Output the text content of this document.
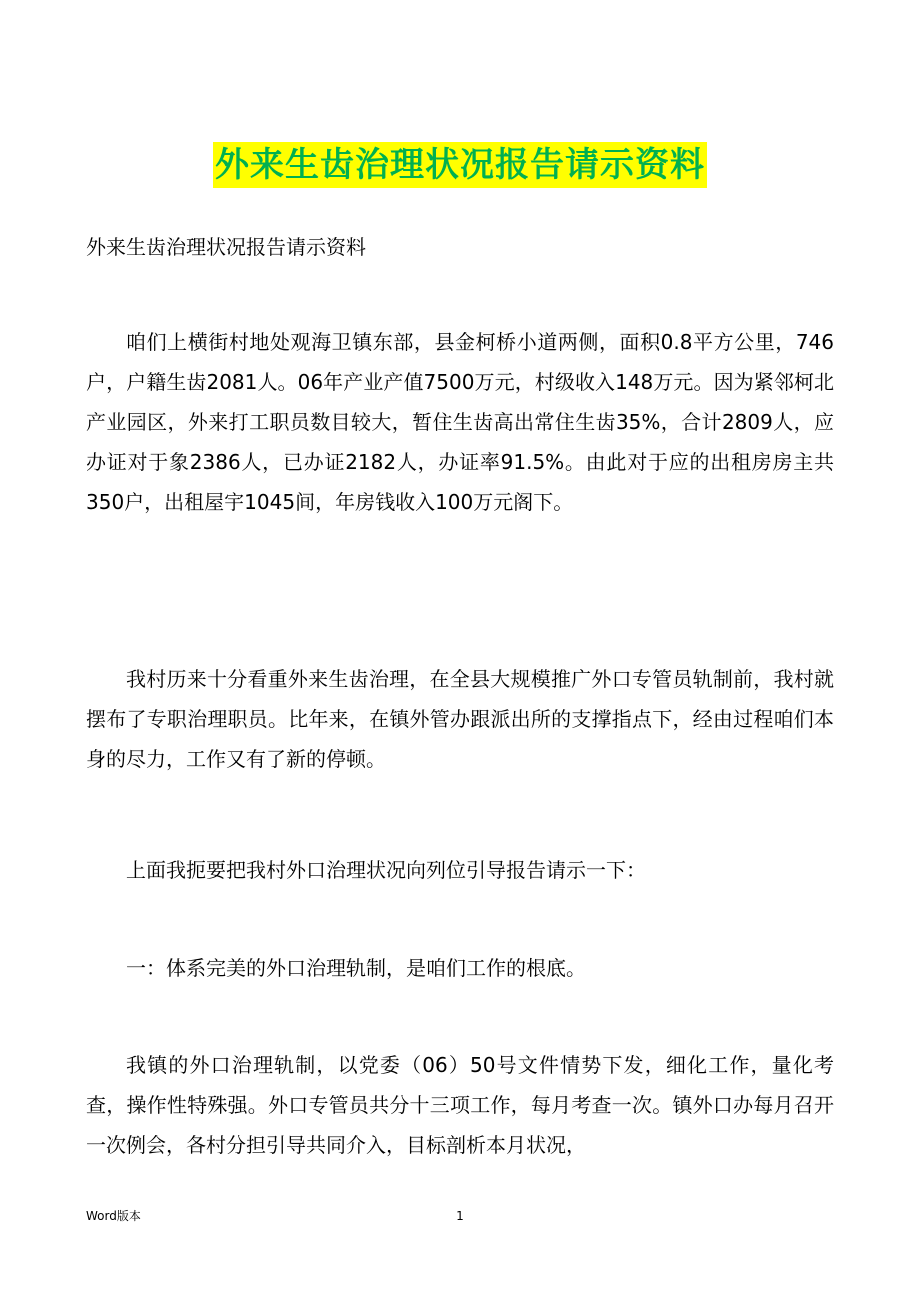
外来生齿治理状况报告请示资料
外来生齿治理状况报告请示资料

咱们上横街村地处观海卫镇东部，县金柯桥小道两侧，面积0.8平方公里，746户，户籍生齿2081人。06年产业产值7500万元，村级收入148万元。因为紧邻柯北产业园区，外来打工职员数目较大，暂住生齿高出常住生齿35%，合计2809人，应办证对于象2386人，已办证2182人，办证率91.5%。由此对于应的出租房房主共350户，出租屋宇1045间，年房钱收入100万元阁下。

我村历来十分看重外来生齿治理，在全县大规模推广外口专管员轨制前，我村就摆布了专职治理职员。比年来，在镇外管办跟派出所的支撑指点下，经由过程咱们本身的尽力，工作又有了新的停顿。

上面我扼要把我村外口治理状况向列位引导报告请示一下：

一：体系完美的外口治理轨制，是咱们工作的根底。

我镇的外口治理轨制，以党委（06）50号文件情势下发，细化工作，量化考查，操作性特殊强。外口专管员共分十三项工作，每月考查一次。镇外口办每月召开一次例会，各村分担引导共同介入，目标剖析本月状况，

Word版本	1
